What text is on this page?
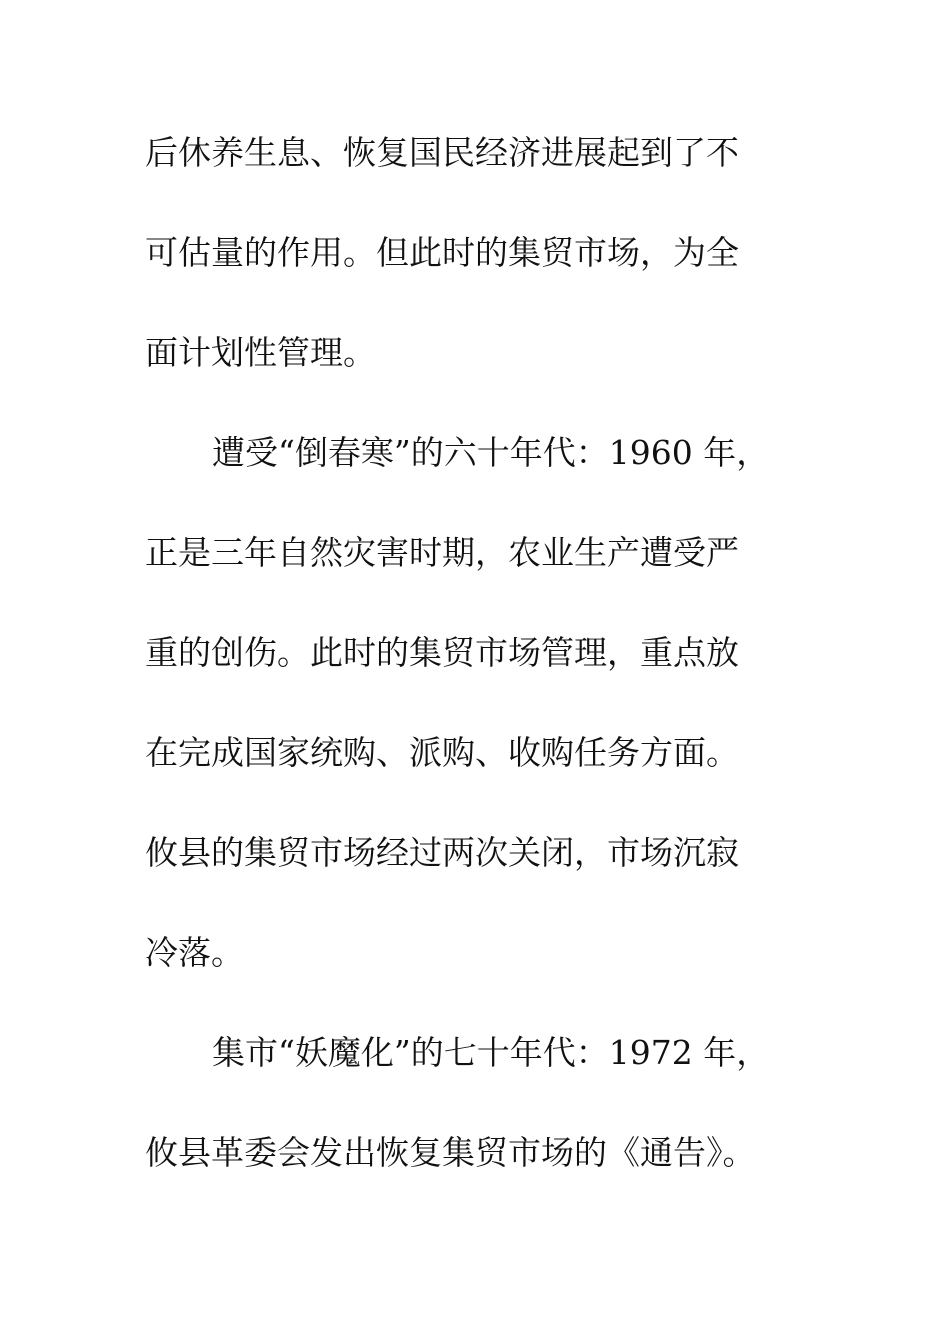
后休养生息、恢复国民经济进展起到了不
可估量的作用。但此时的集贸市场，为全
面计划性管理。
遭受“倒春寒”的六十年代：1960 年，
正是三年自然灾害时期，农业生产遭受严
重的创伤。此时的集贸市场管理，重点放
在完成国家统购、派购、收购任务方面。
攸县的集贸市场经过两次关闭，市场沉寂
冷落。
集市“妖魔化”的七十年代：1972 年，
攸县革委会发出恢复集贸市场的《通告》。
